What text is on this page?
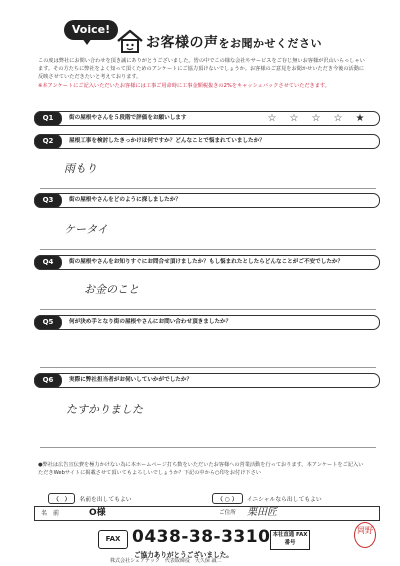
Voice!
お客様の声をお聞かせください
この度は弊社にお問い合わせを頂き誠にありがとうございました。皆の中でこの様な会社やサービスをご存じ無いお客様が沢山いらっしゃいます。その方たちに弊社をよく知って頂くためのアンケートにご協力頂けないでしょうか。お客様のご意見をお聞かせいただき今後の活動に反映させていただきたいと考えております。
※本アンケートにご記入いただいたお客様には工事ご用命時に工事金額税抜きの2%をキャッシュバックさせていただきます。
Q1	街の屋根やさんを５段階で評価をお願いします	☆ ☆ ☆ ☆ ★
Q2	屋根工事を検討したきっかけは何ですか？どんなことで悩まれていましたか？
雨もり
Q3	街の屋根やさんをどのように探しましたか？
ケータイ
Q4	街の屋根やさんをお知りすぐにお問合せ頂けましたか？もし悩まれたとしたらどんなことがご不安でしたか？
お金のこと
Q5	何が決め手となり街の屋根やさんにお問い合わせ頂きましたか？
Q6	実際に弊社担当者がお伺いしていかがでしたか？
たすかりました
●弊社は広告宣伝費を極力かけない為に本ホームページ打ち数をいただいたお客様への営業活動を行っております。本アンケートをご記入いただきWebサイトに掲載させて頂いてもよろしいでしょうか？下記の中から○印をお付け下さい
（　） 名前を出してもよい	（ ○ ） イニシャルなら出してもよい
名　前	O様	ご住所 栗田匠
FAX 0438-38-3310 本社直通 FAX番号
ご協力ありがとうございました。
株式会社シェアテック　代表取締役　大久保 誠二
岡野
